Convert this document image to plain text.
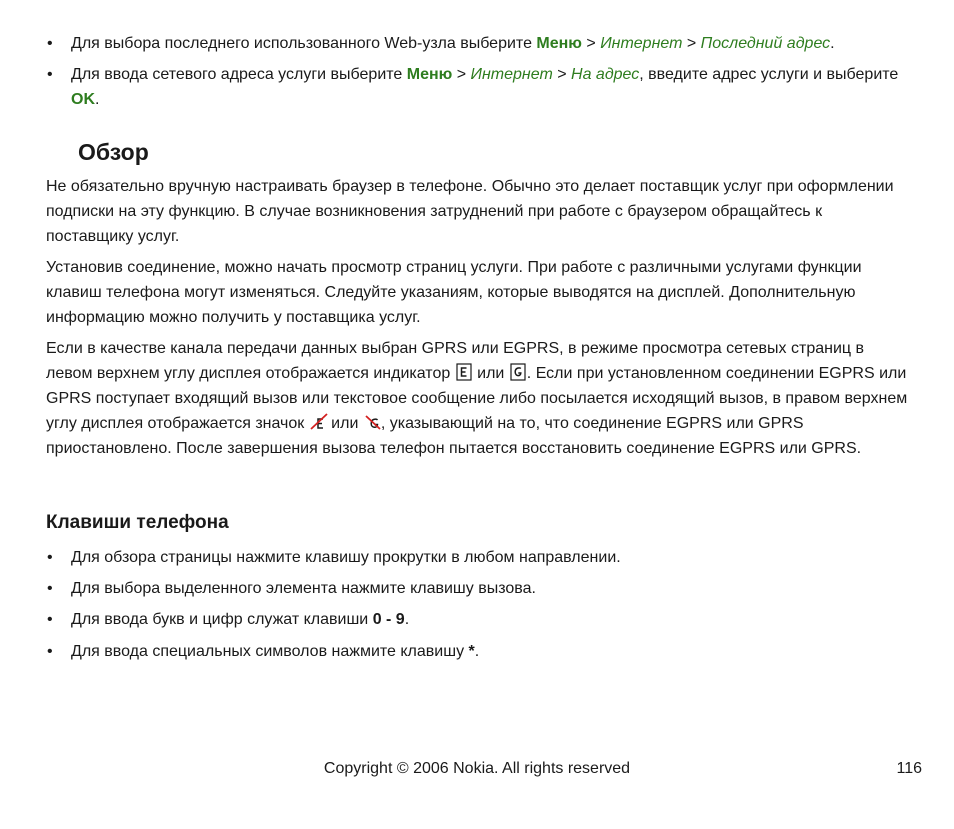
• Для выбора последнего использованного Web-узла выберите Меню > Интернет > Последний адрес.
• Для ввода сетевого адреса услуги выберите Меню > Интернет > На адрес, введите адрес услуги и выберите OK.
Обзор

Не обязательно вручную настраивать браузер в телефоне. Обычно это делает поставщик услуг при оформлении подписки на эту функцию. В случае возникновения затруднений при работе с браузером обращайтесь к поставщику услуг.

Установив соединение, можно начать просмотр страниц услуги. При работе с различными услугами функции клавиш телефона могут изменяться. Следуйте указаниям, которые выводятся на дисплей. Дополнительную информацию можно получить у поставщика услуг.

Если в качестве канала передачи данных выбран GPRS или EGPRS, в режиме просмотра сетевых страниц в левом верхнем углу дисплея отображается индикатор  или . Если при установленном соединении EGPRS или GPRS поступает входящий вызов или текстовое сообщение либо посылается исходящий вызов, в правом верхнем углу дисплея отображается значок  или , указывающий на то, что соединение EGPRS или GPRS приостановлено. После завершения вызова телефон пытается восстановить соединение EGPRS или GPRS.

Клавиши телефона
• Для обзора страницы нажмите клавишу прокрутки в любом направлении.
• Для выбора выделенного элемента нажмите клавишу вызова.
• Для ввода букв и цифр служат клавиши 0 - 9.
• Для ввода специальных символов нажмите клавишу *.
Copyright © 2006 Nokia. All rights reserved	116
